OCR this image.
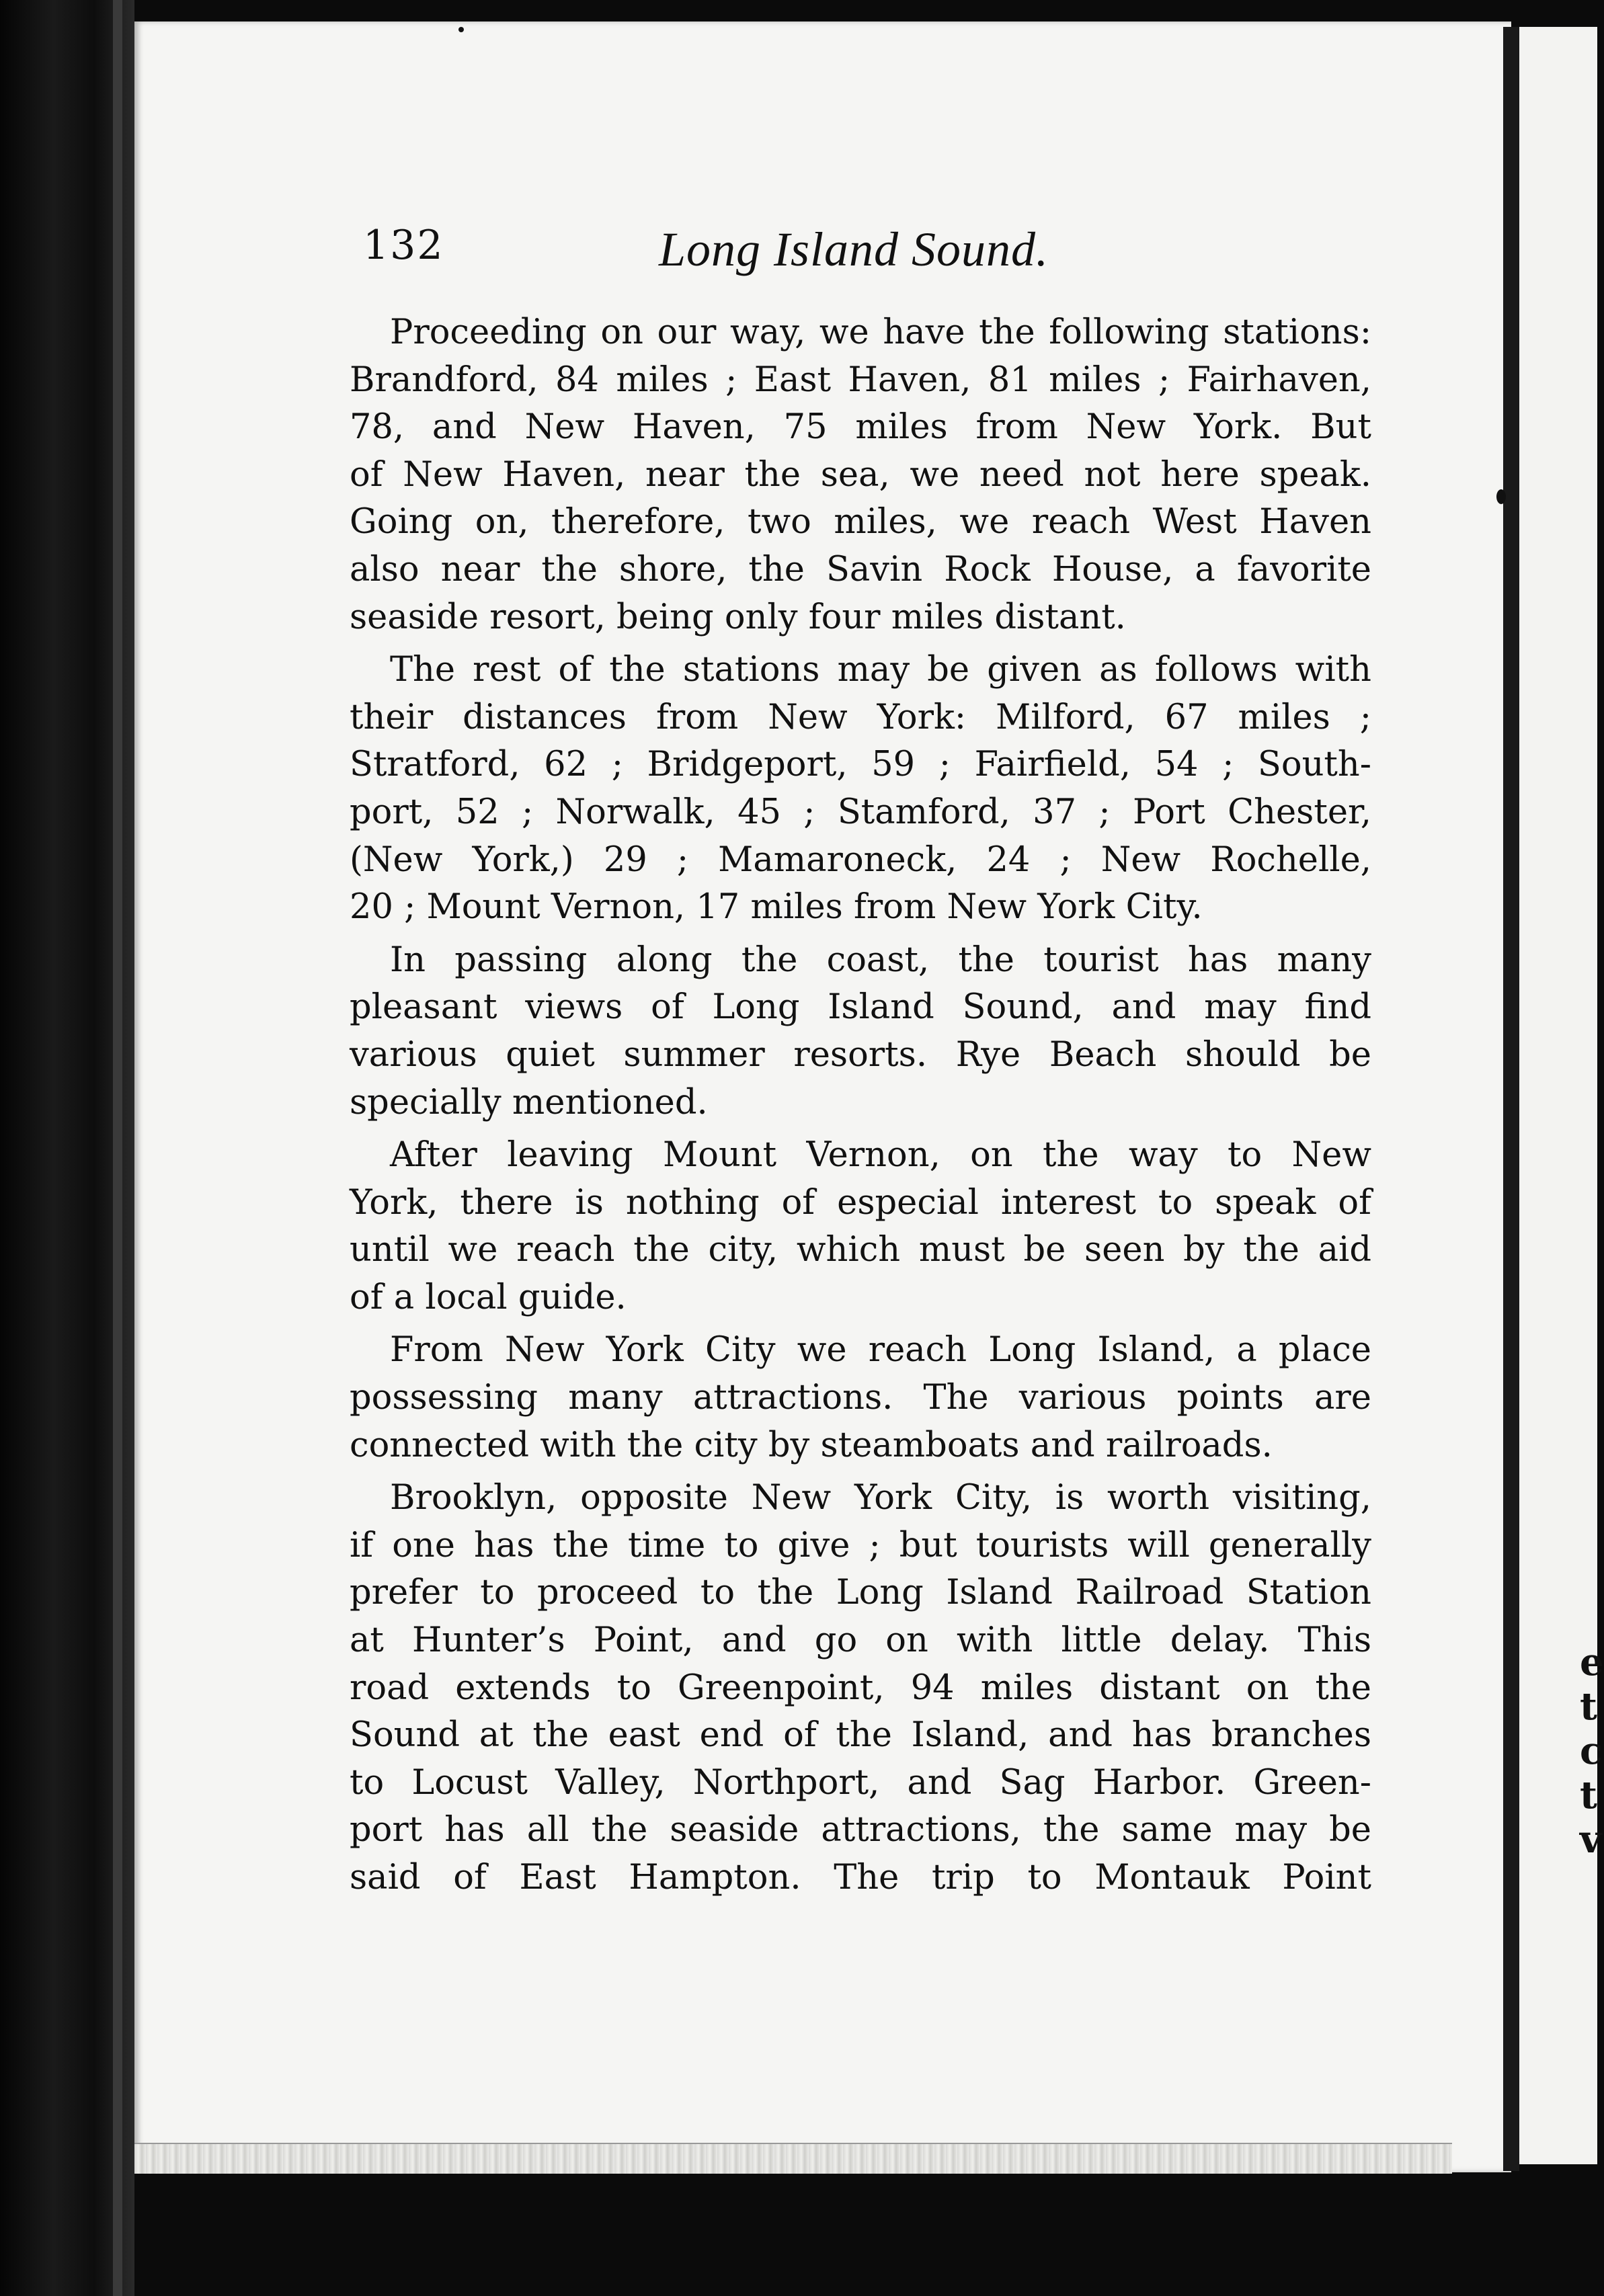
e
t
c
t
v
132	Long Island Sound.
Proceeding on our way, we have the following stations:
Brandford, 84 miles ; East Haven, 81 miles ; Fairhaven,
78, and New Haven, 75 miles from New York. But
of New Haven, near the sea, we need not here speak.
Going on, therefore, two miles, we reach West Haven
also near the shore, the Savin Rock House, a favorite
seaside resort, being only four miles distant.
The rest of the stations may be given as follows with
their distances from New York: Milford, 67 miles ;
Stratford, 62 ; Bridgeport, 59 ; Fairfield, 54 ; South-
port, 52 ; Norwalk, 45 ; Stamford, 37 ; Port Chester,
(New York,) 29 ; Mamaroneck, 24 ; New Rochelle,
20 ; Mount Vernon, 17 miles from New York City.
In passing along the coast, the tourist has many
pleasant views of Long Island Sound, and may find
various quiet summer resorts. Rye Beach should be
specially mentioned.
After leaving Mount Vernon, on the way to New
York, there is nothing of especial interest to speak of
until we reach the city, which must be seen by the aid
of a local guide.
From New York City we reach Long Island, a place
possessing many attractions. The various points are
connected with the city by steamboats and railroads.
Brooklyn, opposite New York City, is worth visiting,
if one has the time to give ; but tourists will generally
prefer to proceed to the Long Island Railroad Station
at Hunter’s Point, and go on with little delay. This
road extends to Greenpoint, 94 miles distant on the
Sound at the east end of the Island, and has branches
to Locust Valley, Northport, and Sag Harbor. Green-
port has all the seaside attractions, the same may be
said of East Hampton. The trip to Montauk Point
